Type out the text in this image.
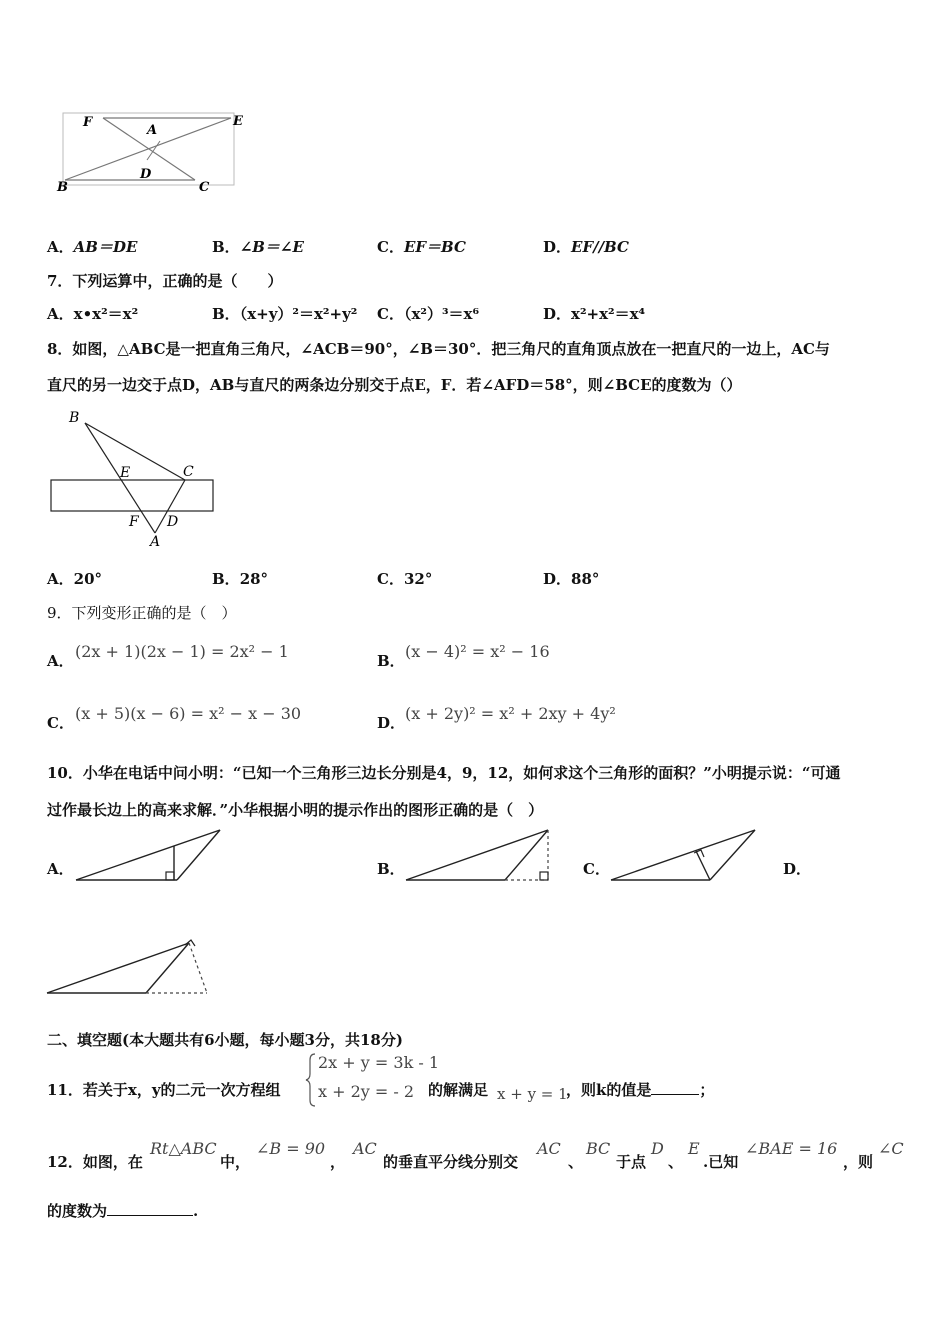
F
A
E
D
B	C
A．AB＝DE	B．∠B＝∠E	C．EF＝BC	D．EF//BC
7．下列运算中，正确的是（　　）
A．x•x²＝x²	B．（x+y）²＝x²+y² C．（x²）³＝x⁶	D．x²+x²＝x⁴
8．如图，△ABC是一把直角三角尺，∠ACB＝90°，∠B＝30°．把三角尺的直角顶点放在一把直尺的一边上，AC与
直尺的另一边交于点D，AB与直尺的两条边分别交于点E，F．若∠AFD＝58°，则∠BCE的度数为（）
B
E	C
F D
A
A．20°	B．28°	C．32°	D．88°
9．下列变形正确的是（　）
A． (2x + 1)(2x − 1) = 2x² − 1	B． (x − 4)² = x² − 16
C． (x + 5)(x − 6) = x² − x − 30	D． (x + 2y)² = x² + 2xy + 4y²
10．小华在电话中问小明：“已知一个三角形三边长分别是4，9，12，如何求这个三角形的面积？”小明提示说：“可通
过作最长边上的高来求解．”小华根据小明的提示作出的图形正确的是（　）
A．	B．	C．	D．
二、填空题(本大题共有6小题，每小题3分，共18分)
11．若关于x，y的二元一次方程组
2x + y = 3k - 1
x + 2y = - 2 的解满足 x + y = 1
，则k的值是	；
12．如图，在
Rt△ABC
中，
∠B = 90
，
AC
的垂直平分线分别交
AC
、
BC
于点
D
、
E
.已知
∠BAE = 16
，则
∠C
的度数为	.
